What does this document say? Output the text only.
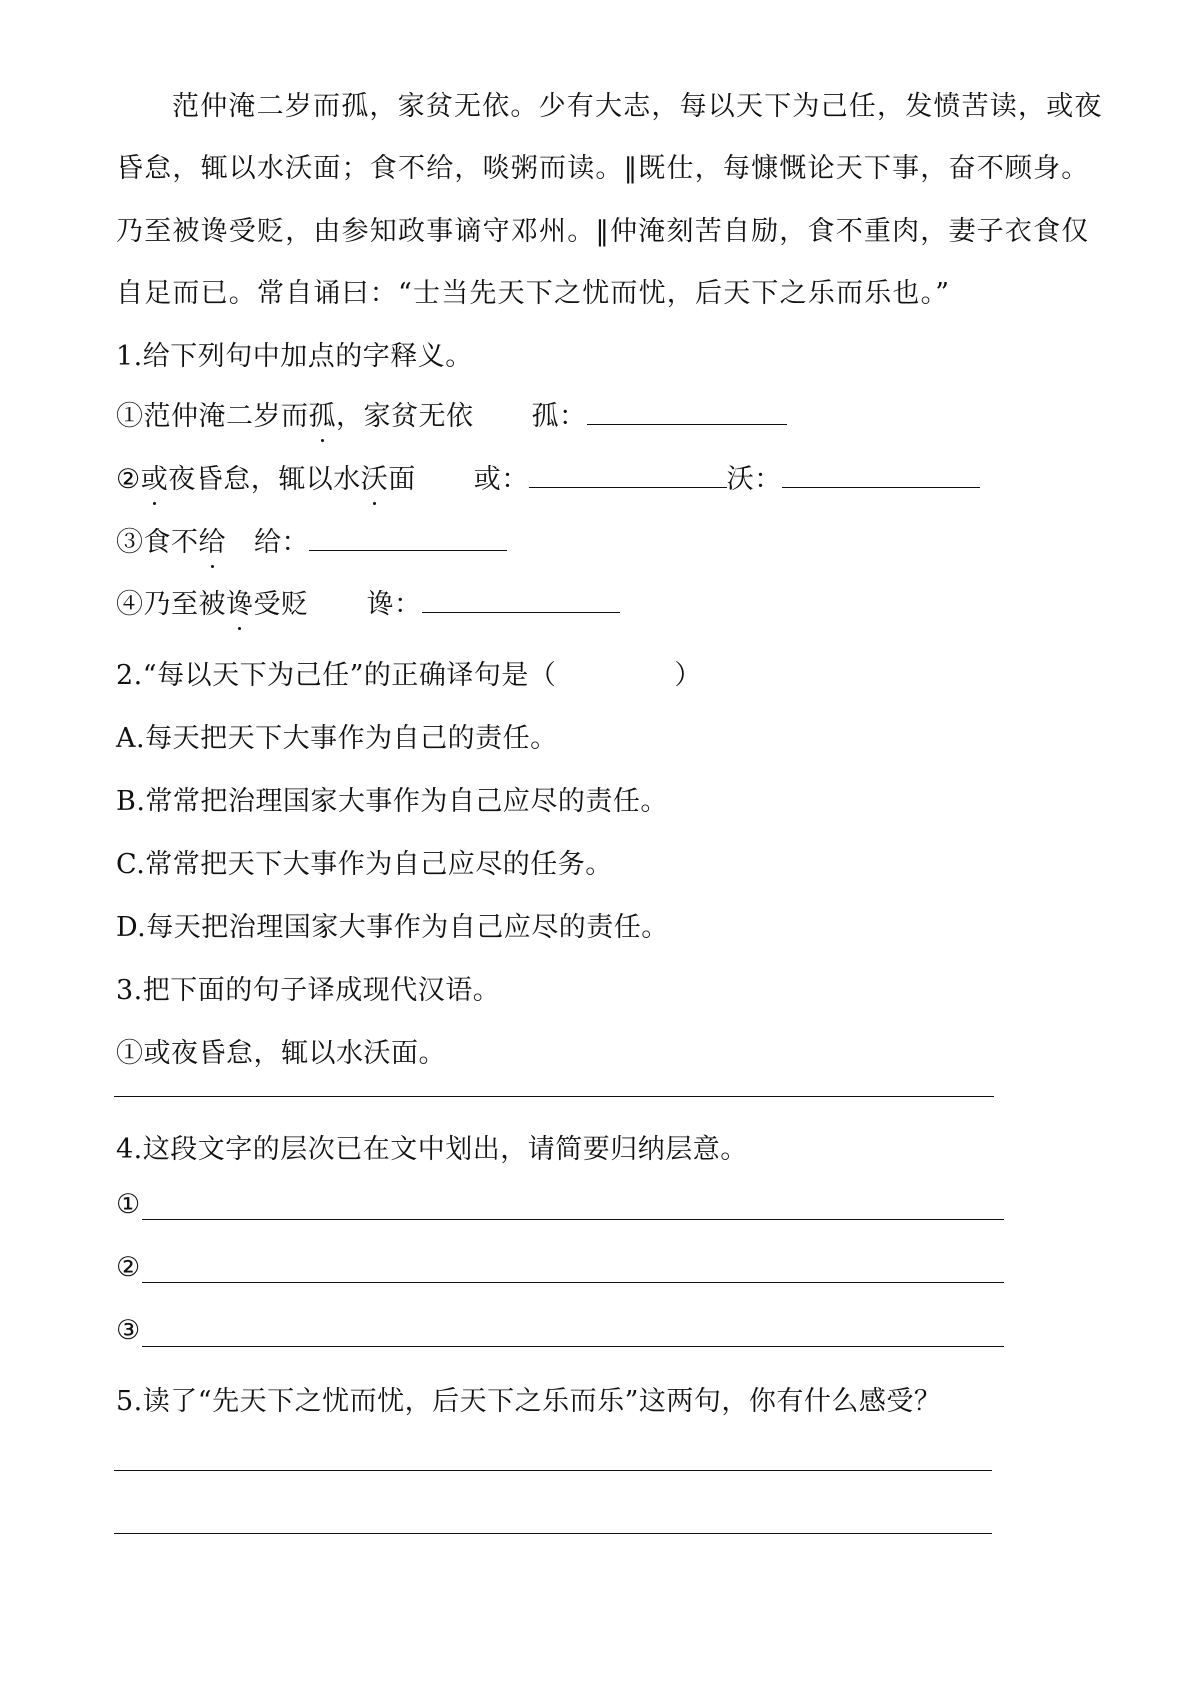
范仲淹二岁而孤，家贫无依。少有大志，每以天下为己任，发愤苦读，或夜
昏怠，辄以水沃面；食不给，啖粥而读。‖既仕，每慷慨论天下事，奋不顾身。
乃至被谗受贬，由参知政事谪守邓州。‖仲淹刻苦自励，食不重肉，妻子衣食仅
自足而已。常自诵曰：“士当先天下之忧而忧，后天下之乐而乐也。”
1.给下列句中加点的字释义。
①范仲淹二岁而孤，家贫无依 孤：
②或夜昏怠，辄以水沃面 或：	沃：
③食不给 给：
④乃至被谗受贬 谗：
2.“每以天下为己任”的正确译句是（	）
A.每天把天下大事作为自己的责任。
B.常常把治理国家大事作为自己应尽的责任。
C.常常把天下大事作为自己应尽的任务。
D.每天把治理国家大事作为自己应尽的责任。
3.把下面的句子译成现代汉语。
①或夜昏怠，辄以水沃面。
4.这段文字的层次已在文中划出，请简要归纳层意。
①
②
③
5.读了“先天下之忧而忧，后天下之乐而乐”这两句，你有什么感受？
